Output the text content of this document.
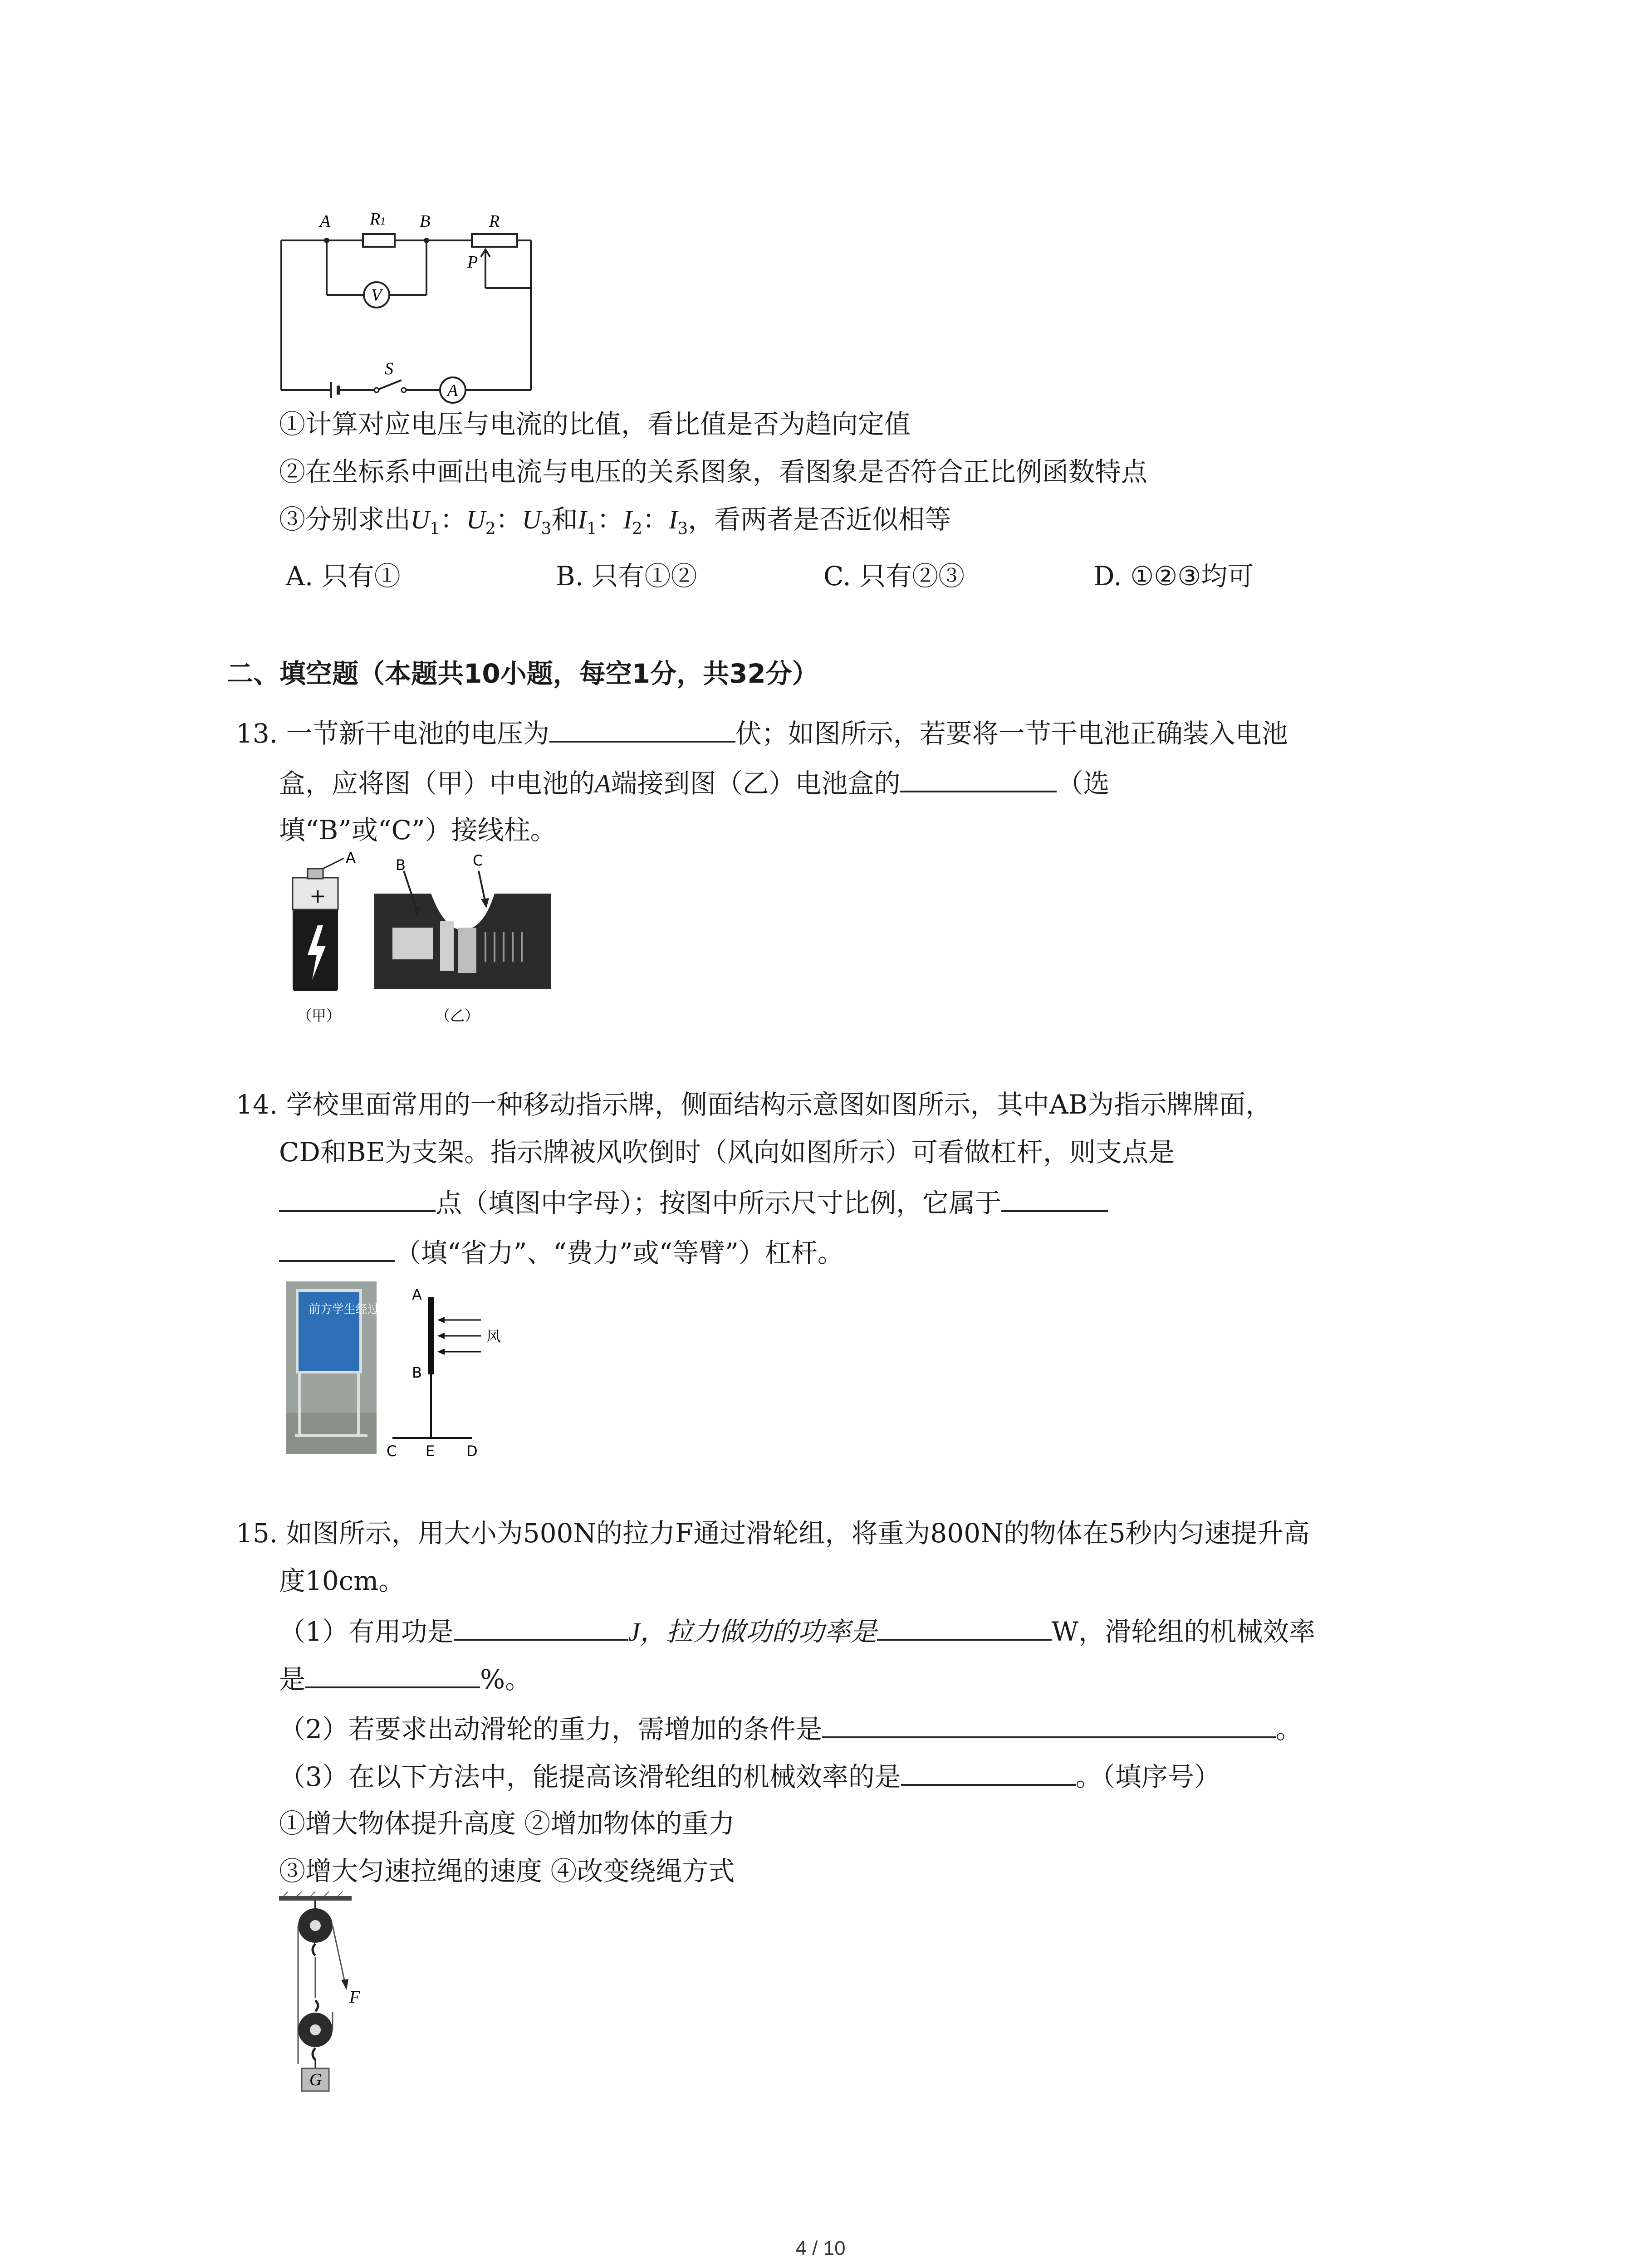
A R1 B	R
P
V
S
A
①计算对应电压与电流的比值，看比值是否为趋向定值
②在坐标系中画出电流与电压的关系图象，看图象是否符合正比例函数特点
③分别求出$U_1$：$U_2$：$U_3$和$I_1$：$I_2$：$I_3$，看两者是否近似相等
A. 只有①	B. 只有①②	C. 只有②③	D. ①②③均可
二、填空题（本题共10小题，每空1分，共32分）
13. 一节新干电池的电压为	伏；如图所示，若要将一节干电池正确装入电池
盒，应将图（甲）中电池的A端接到图（乙）电池盒的	（选
填“B”或“C”）接线柱。
+
A
（甲）
B	C
（乙）
14. 学校里面常用的一种移动指示牌，侧面结构示意图如图所示，其中AB为指示牌牌面，
CD和BE为支架。指示牌被风吹倒时（风向如图所示）可看做杠杆，则支点是
点（填图中字母）；按图中所示尺寸比例，它属于
（填“省力”、“费力”或“等臂”）杠杆。
前方学生经过
A
B
C E D
风
15. 如图所示，用大小为500N的拉力F通过滑轮组，将重为800N的物体在5秒内匀速提升高
度10cm。
（1）有用功是	J，拉力做功的功率是	W，滑轮组的机械效率
是	%。
（2）若要求出动滑轮的重力，需增加的条件是	。
（3）在以下方法中，能提高该滑轮组的机械效率的是	。（填序号）
①增大物体提升高度 ②增加物体的重力
③增大匀速拉绳的速度 ④改变绕绳方式
F
G
4 / 10
